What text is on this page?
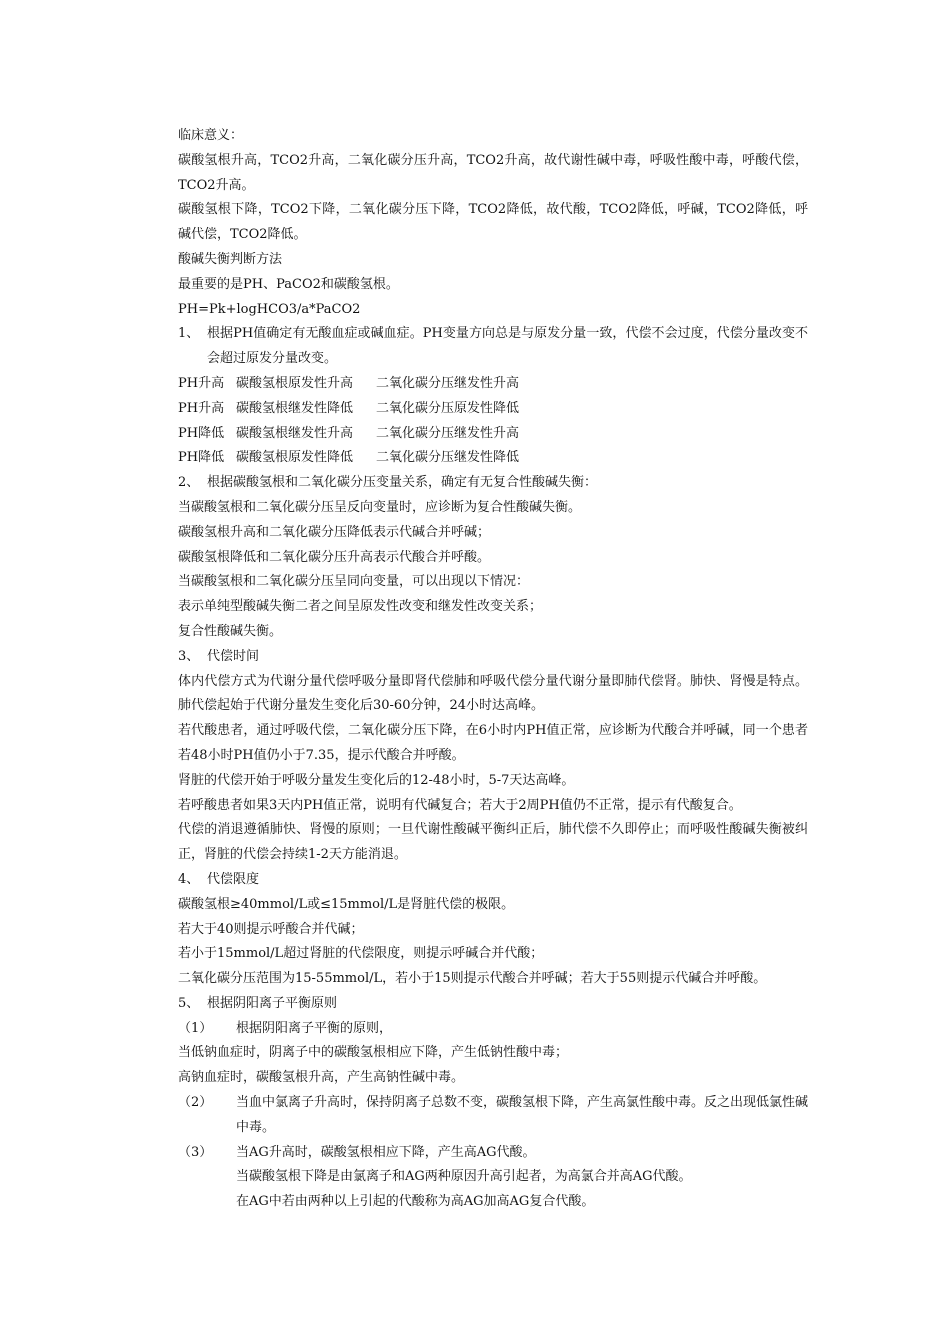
临床意义：

碳酸氢根升高，TCO2升高，二氧化碳分压升高，TCO2升高，故代谢性碱中毒，呼吸性酸中毒，呼酸代偿，TCO2升高。

碳酸氢根下降，TCO2下降，二氧化碳分压下降，TCO2降低，故代酸，TCO2降低，呼碱，TCO2降低，呼碱代偿，TCO2降低。

酸碱失衡判断方法

最重要的是PH、PaCO2和碳酸氢根。

PH=Pk+logHCO3/a*PaCO2

1、 根据PH值确定有无酸血症或碱血症。PH变量方向总是与原发分量一致，代偿不会过度，代偿分量改变不会超过原发分量改变。
PH升高 碳酸氢根原发性升高	二氧化碳分压继发性升高
PH升高 碳酸氢根继发性降低	二氧化碳分压原发性降低
PH降低 碳酸氢根继发性升高	二氧化碳分压继发性升高
PH降低 碳酸氢根原发性降低	二氧化碳分压继发性降低
2、 根据碳酸氢根和二氧化碳分压变量关系，确定有无复合性酸碱失衡：

当碳酸氢根和二氧化碳分压呈反向变量时，应诊断为复合性酸碱失衡。

碳酸氢根升高和二氧化碳分压降低表示代碱合并呼碱；

碳酸氢根降低和二氧化碳分压升高表示代酸合并呼酸。

当碳酸氢根和二氧化碳分压呈同向变量，可以出现以下情况：

表示单纯型酸碱失衡二者之间呈原发性改变和继发性改变关系；

复合性酸碱失衡。

3、 代偿时间

体内代偿方式为代谢分量代偿呼吸分量即肾代偿肺和呼吸代偿分量代谢分量即肺代偿肾。肺快、肾慢是特点。肺代偿起始于代谢分量发生变化后30-60分钟，24小时达高峰。

若代酸患者，通过呼吸代偿，二氧化碳分压下降，在6小时内PH值正常，应诊断为代酸合并呼碱，同一个患者若48小时PH值仍小于7.35，提示代酸合并呼酸。

肾脏的代偿开始于呼吸分量发生变化后的12-48小时，5-7天达高峰。

若呼酸患者如果3天内PH值正常，说明有代碱复合；若大于2周PH值仍不正常，提示有代酸复合。

代偿的消退遵循肺快、肾慢的原则；一旦代谢性酸碱平衡纠正后，肺代偿不久即停止；而呼吸性酸碱失衡被纠正，肾脏的代偿会持续1-2天方能消退。

4、 代偿限度

碳酸氢根≥40mmol/L或≤15mmol/L是肾脏代偿的极限。

若大于40则提示呼酸合并代碱；

若小于15mmol/L超过肾脏的代偿限度，则提示呼碱合并代酸；

二氧化碳分压范围为15-55mmol/L，若小于15则提示代酸合并呼碱；若大于55则提示代碱合并呼酸。

5、 根据阴阳离子平衡原则
（1）	根据阴阳离子平衡的原则，

当低钠血症时，阴离子中的碳酸氢根相应下降，产生低钠性酸中毒；

高钠血症时，碳酸氢根升高，产生高钠性碱中毒。

（2）	当血中氯离子升高时，保持阴离子总数不变，碳酸氢根下降，产生高氯性酸中毒。反之出现低氯性碱中毒。
（3）	当AG升高时，碳酸氢根相应下降，产生高AG代酸。

当碳酸氢根下降是由氯离子和AG两种原因升高引起者，为高氯合并高AG代酸。

在AG中若由两种以上引起的代酸称为高AG加高AG复合代酸。
